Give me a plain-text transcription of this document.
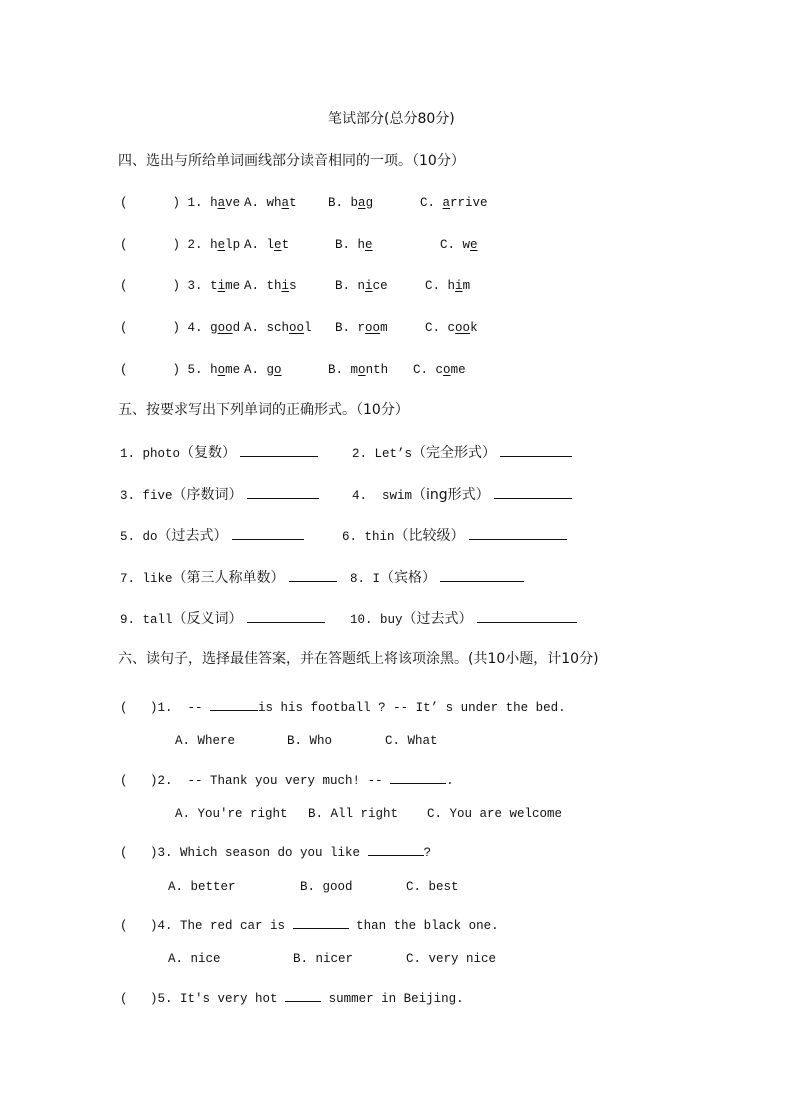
笔试部分(总分80分)
四、选出与所给单词画线部分读音相同的一项。（10分）
(      ) 1. have A. what	B. bag	C. arrive
(      ) 2. help A. let	B. he	C. we
(      ) 3. time A. this	B. nice	C. him
(      ) 4. good A. school B. room	C. cook
(      ) 5. home A. go	B. month C. come
五、按要求写出下列单词的正确形式。（10分）
1. photo（复数）	2. Let’s（完全形式）
3. five（序数词）	4.  swim（ing形式）
5. do（过去式）	6. thin（比较级）
7. like（第三人称单数）	8. I（宾格）
9. tall（反义词）	10. buy（过去式）
六、读句子，选择最佳答案，并在答题纸上将该项涂黑。(共10小题，计10分)
(   )1.  --	is his football ? -- It’ s under the bed.
A. Where	B. Who	C. What
(   )2.  -- Thank you very much! --	.
A. You're right B. All right C. You are welcome
(   )3. Which season do you like	?
A. better	B. good	C. best
(   )4. The red car is	than the black one.
A. nice	B. nicer	C. very nice
(   )5. It's very hot	summer in Beijing.
